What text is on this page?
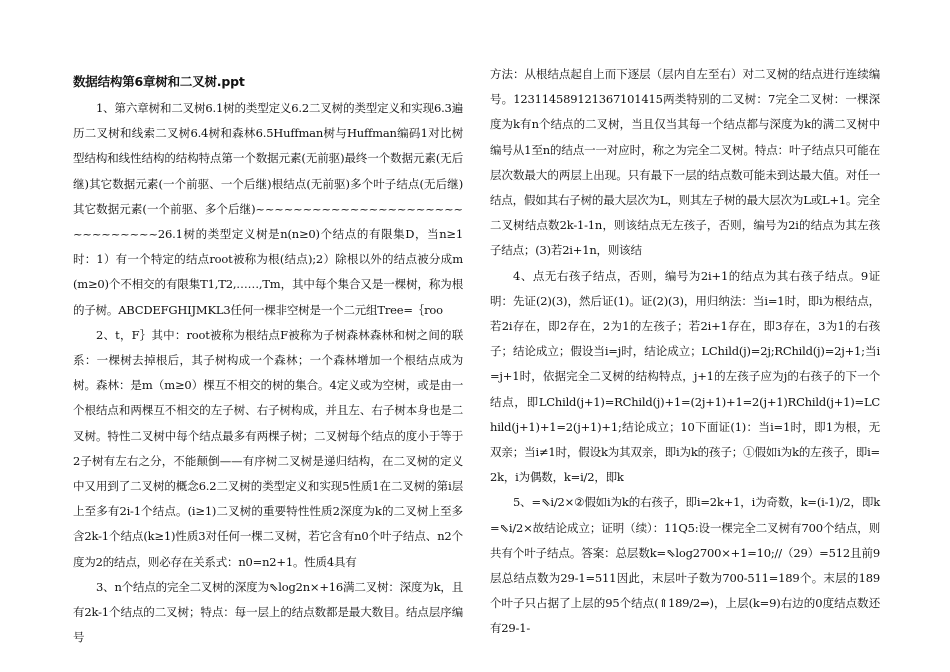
数据结构第6章树和二叉树.ppt

1、第六章树和二叉树6.1树的类型定义6.2二叉树的类型定义和实现6.3遍历二叉树和线索二叉树6.4树和森林6.5Huffman树与Huffman编码1对比树型结构和线性结构的结构特点第一个数据元素(无前驱)最终一个数据元素(无后继)其它数据元素(一个前驱、一个后继)根结点(无前驱)多个叶子结点(无后继)其它数据元素(一个前驱、多个后继)~~~~~~~~~~~~~~~~~~~~~~~~~~~~~~~26.1树的类型定义树是n(n≥0)个结点的有限集D，当n≥1时：1）有一个特定的结点root被称为根(结点);2）除根以外的结点被分成m(m≥0)个不相交的有限集T1,T2,……,Tm，其中每个集合又是一棵树，称为根的子树。ABCDEFGHIJMKL3任何一棵非空树是一个二元组Tree=｛roo

2、t，F｝其中：root被称为根结点F被称为子树森林森林和树之间的联系：一棵树去掉根后，其子树构成一个森林；一个森林增加一个根结点成为树。森林：是m（m≥0）棵互不相交的树的集合。4定义或为空树，或是由一个根结点和两棵互不相交的左子树、右子树构成，并且左、右子树本身也是二叉树。特性二叉树中每个结点最多有两棵子树；二叉树每个结点的度小于等于2子树有左右之分，不能颠倒——有序树二叉树是递归结构，在二叉树的定义中又用到了二叉树的概念6.2二叉树的类型定义和实现5性质1在二叉树的第i层上至多有2i-1个结点。(i≥1)二叉树的重要特性性质2深度为k的二叉树上至多含2k-1个结点(k≥1)性质3对任何一棵二叉树，若它含有n0个叶子结点、n2个度为2的结点，则必存在关系式：n0=n2+1。性质4具有

3、n个结点的完全二叉树的深度为⇖log2n×+16满二叉树：深度为k，且有2k-1个结点的二叉树；特点：每一层上的结点数都是最大数目。结点层序编号

方法：从根结点起自上而下逐层（层内自左至右）对二叉树的结点进行连续编号。12311458912136710141​5两类特别的二叉树：7完全二叉树：一棵深度为k有n个结点的二叉树，当且仅当其每一个结点都与深度为k的满二叉树中编号从1至n的结点一一对应时，称之为完全二叉树。特点：叶子结点只可能在层次数最大的两层上出现。只有最下一层的结点数可能未到达最大值。对任一结点，假如其右子树的最大层次为L，则其左子树的最大层次为L或L+1。完全二叉树结点数2k-1-1n，则该结点无左孩子，否则，编号为2i的结点为其左孩子结点；(3)若2i+1n，则该结

4、点无右孩子结点，否则，编号为2i+1的结点为其右孩子结点。9证明：先证(2)(3)，然后证(1)。证(2)(3)，用归纳法：当i=1时，即i为根结点，若2i存在，即2存在，2为1的左孩子；若2i+1存在，即3存在，3为1的右孩子；结论成立；假设当i=j时，结论成立；LChild(j)=2j;RChild(j)=2j+1;当i=j+1时，依据完全二叉树的结构特点，j+1的左孩子应为j的右孩子的下一个结点，即LChild(j+1)=RChild(j)+1=(2j+1)+1=2(j+1)RChild(j+1)=LChild(j+1)+1=2(j+1)+1;结论成立；10下面证(1)：当i=1时，即1为根，无双亲；当i≠1时，假设k为其双亲，即i为k的孩子；①假如i为k的左孩子，即i=2k，i为偶数，k=i/2，即k

5、=⇖i/2×②假如i为k的右孩子，即i=2k+1，i为奇数，k=(i-1)/2，即k=⇖i/2×故结论成立；证明（续）：11Q5:设一棵完全二叉树有700个结点，则共有个叶子结点。答案：总层数k=⇖log2700×+1=10;//（29）=512且前9层总结点数为29-1=511因此，末层叶子数为700-511=189个。末层的189个叶子只占据了上层的95个结点(⇑189/2⇒)，上层(k=9)右边的0度结点数还有29-1-
